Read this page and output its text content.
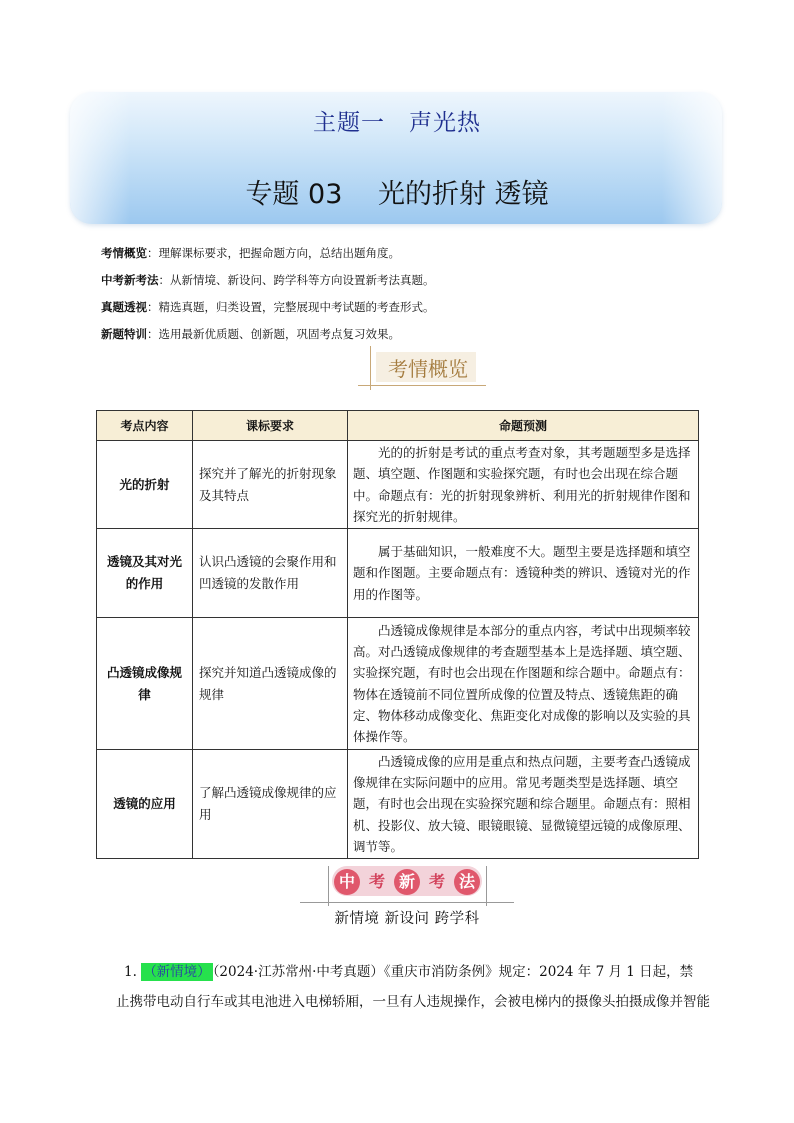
主题一　声光热
专题 03　 光的折射 透镜
考情概览：理解课标要求，把握命题方向，总结出题角度。
中考新考法：从新情境、新设问、跨学科等方向设置新考法真题。
真题透视：精选真题，归类设置，完整展现中考试题的考查形式。
新题特训：选用最新优质题、创新题，巩固考点复习效果。
考情概览
考点内容	课标要求	命题预测
光的折射	探究并了解光的折射现象及其特点	光的的折射是考试的重点考查对象，其考题题型多是选择题、填空题、作图题和实验探究题，有时也会出现在综合题中。命题点有：光的折射现象辨析、利用光的折射规律作图和探究光的折射规律。
透镜及其对光的作用	认识凸透镜的会聚作用和凹透镜的发散作用	属于基础知识，一般难度不大。题型主要是选择题和填空题和作图题。主要命题点有：透镜种类的辨识、透镜对光的作用的作图等。
凸透镜成像规律	探究并知道凸透镜成像的规律	凸透镜成像规律是本部分的重点内容，考试中出现频率较高。对凸透镜成像规律的考查题型基本上是选择题、填空题、实验探究题，有时也会出现在作图题和综合题中。命题点有：物体在透镜前不同位置所成像的位置及特点、透镜焦距的确定、物体移动成像变化、焦距变化对成像的影响以及实验的具体操作等。
透镜的应用	了解凸透镜成像规律的应用	凸透镜成像的应用是重点和热点问题，主要考查凸透镜成像规律在实际问题中的应用。常见考题类型是选择题、填空题，有时也会出现在实验探究题和综合题里。命题点有：照相机、投影仪、放大镜、眼镜眼镜、显微镜望远镜的成像原理、调节等。
中 考 新 考 法
新情境 新设问 跨学科
1. （新情境） （2024·江苏常州·中考真题）《重庆市消防条例》规定：2024 年 7 月 1 日起，禁
止携带电动自行车或其电池进入电梯轿厢，一旦有人违规操作，会被电梯内的摄像头拍摄成像并智能
